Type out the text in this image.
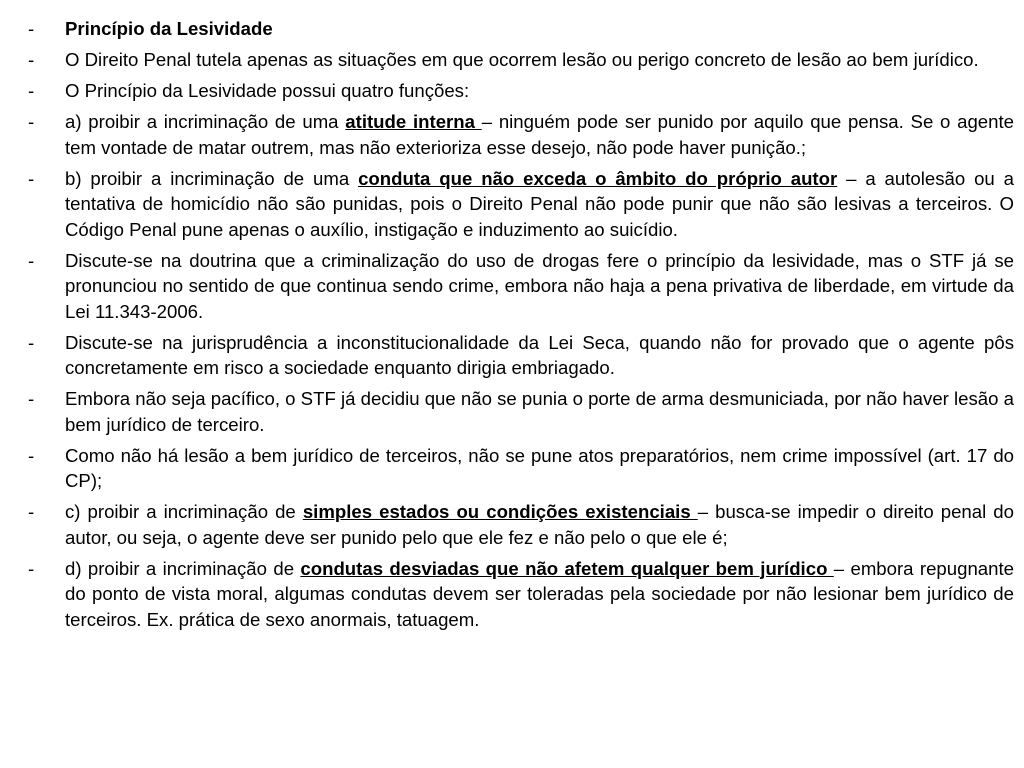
-	Princípio da Lesividade
-	O Direito Penal tutela apenas as situações em que ocorrem lesão ou perigo concreto de lesão ao bem jurídico.
-	O Princípio da Lesividade possui quatro funções:
-	a) proibir a incriminação de uma atitude interna – ninguém pode ser punido por aquilo que pensa. Se o agente tem vontade de matar outrem, mas não exterioriza esse desejo, não pode haver punição.;
-	b) proibir a incriminação de uma conduta que não exceda o âmbito do próprio autor – a autolesão ou a tentativa de homicídio não são punidas, pois o Direito Penal não pode punir que não são lesivas a terceiros. O Código Penal pune apenas o auxílio, instigação e induzimento ao suicídio.
-	Discute-se na doutrina que a criminalização do uso de drogas fere o princípio da lesividade, mas o STF já se pronunciou no sentido de que continua sendo crime, embora não haja a pena privativa de liberdade, em virtude da Lei 11.343-2006.
-	Discute-se na jurisprudência a inconstitucionalidade da Lei Seca, quando não for provado que o agente pôs concretamente em risco a sociedade enquanto dirigia embriagado.
-	Embora não seja pacífico, o STF já decidiu que não se punia o porte de arma desmuniciada, por não haver lesão a bem jurídico de terceiro.
-	Como não há lesão a bem jurídico de terceiros, não se pune atos preparatórios, nem crime impossível (art. 17 do CP);
-	c) proibir a incriminação de simples estados ou condições existenciais – busca-se impedir o direito penal do autor, ou seja, o agente deve ser punido pelo que ele fez e não pelo o que ele é;
-	d) proibir a incriminação de condutas desviadas que não afetem qualquer bem jurídico – embora repugnante do ponto de vista moral, algumas condutas devem ser toleradas pela sociedade por não lesionar bem jurídico de terceiros. Ex. prática de sexo anormais, tatuagem.
